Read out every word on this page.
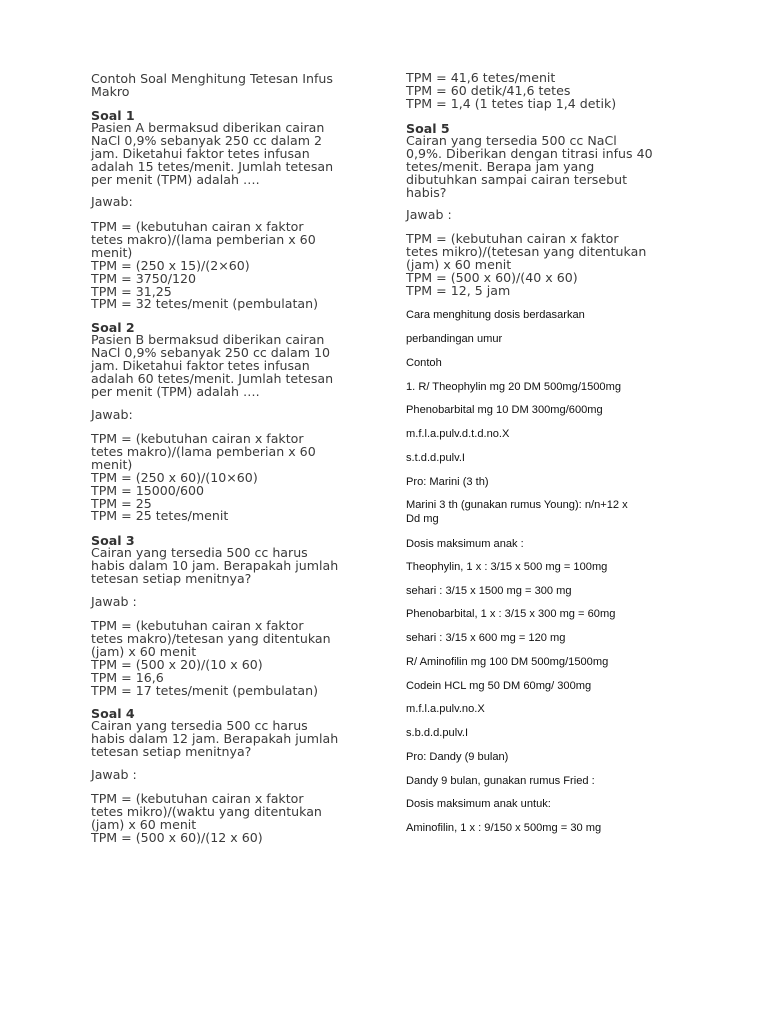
Contoh Soal Menghitung Tetesan Infus
Makro
Soal 1
Pasien A bermaksud diberikan cairan
NaCl 0,9% sebanyak 250 cc dalam 2
jam. Diketahui faktor tetes infusan
adalah 15 tetes/menit. Jumlah tetesan
per menit (TPM) adalah ….
Jawab:
TPM = (kebutuhan cairan x faktor
tetes makro)/(lama pemberian x 60
menit)
TPM = (250 x 15)/(2×60)
TPM = 3750/120
TPM = 31,25
TPM = 32 tetes/menit (pembulatan)
Soal 2
Pasien B bermaksud diberikan cairan
NaCl 0,9% sebanyak 250 cc dalam 10
jam. Diketahui faktor tetes infusan
adalah 60 tetes/menit. Jumlah tetesan
per menit (TPM) adalah ….
Jawab:
TPM = (kebutuhan cairan x faktor
tetes makro)/(lama pemberian x 60
menit)
TPM = (250 x 60)/(10×60)
TPM = 15000/600
TPM = 25
TPM = 25 tetes/menit
Soal 3
Cairan yang tersedia 500 cc harus
habis dalam 10 jam. Berapakah jumlah
tetesan setiap menitnya?
Jawab :
TPM = (kebutuhan cairan x faktor
tetes makro)/tetesan yang ditentukan
(jam) x 60 menit
TPM = (500 x 20)/(10 x 60)
TPM = 16,6
TPM = 17 tetes/menit (pembulatan)
Soal 4
Cairan yang tersedia 500 cc harus
habis dalam 12 jam. Berapakah jumlah
tetesan setiap menitnya?
Jawab :
TPM = (kebutuhan cairan x faktor
tetes mikro)/(waktu yang ditentukan
(jam) x 60 menit
TPM = (500 x 60)/(12 x 60)
TPM = 41,6 tetes/menit
TPM = 60 detik/41,6 tetes
TPM = 1,4 (1 tetes tiap 1,4 detik)
Soal 5
Cairan yang tersedia 500 cc NaCl
0,9%. Diberikan dengan titrasi infus 40
tetes/menit. Berapa jam yang
dibutuhkan sampai cairan tersebut
habis?
Jawab :
TPM = (kebutuhan cairan x faktor
tetes mikro)/(tetesan yang ditentukan
(jam) x 60 menit
TPM = (500 x 60)/(40 x 60)
TPM = 12, 5 jam
Cara menghitung dosis berdasarkan
perbandingan umur
Contoh
1. R/ Theophylin mg 20 DM 500mg/1500mg
Phenobarbital mg 10 DM 300mg/600mg
m.f.l.a.pulv.d.t.d.no.X
s.t.d.d.pulv.I
Pro: Marini (3 th)
Marini 3 th (gunakan rumus Young): n/n+12 x
Dd mg
Dosis maksimum anak :
Theophylin, 1 x : 3/15 x 500 mg = 100mg
sehari : 3/15 x 1500 mg = 300 mg
Phenobarbital, 1 x : 3/15 x 300 mg = 60mg
sehari : 3/15 x 600 mg = 120 mg
R/ Aminofilin mg 100 DM 500mg/1500mg
Codein HCL mg 50 DM 60mg/ 300mg
m.f.l.a.pulv.no.X
s.b.d.d.pulv.I
Pro: Dandy (9 bulan)
Dandy 9 bulan, gunakan rumus Fried :
Dosis maksimum anak untuk:
Aminofilin, 1 x : 9/150 x 500mg = 30 mg
